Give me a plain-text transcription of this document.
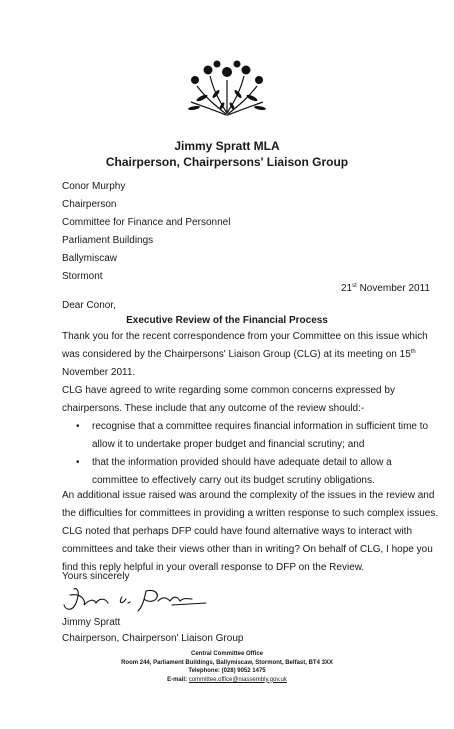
Jimmy Spratt MLA
Chairperson, Chairpersons' Liaison Group
Conor Murphy
Chairperson
Committee for Finance and Personnel
Parliament Buildings
Ballymiscaw
Stormont
21st November 2011
Dear Conor,
Executive Review of the Financial Process
Thank you for the recent correspondence from your Committee on this issue which was considered by the Chairpersons' Liaison Group (CLG) at its meeting on 15th November 2011.
CLG have agreed to write regarding some common concerns expressed by chairpersons. These include that any outcome of the review should:-
• recognise that a committee requires financial information in sufficient time to allow it to undertake proper budget and financial scrutiny; and
• that the information provided should have adequate detail to allow a committee to effectively carry out its budget scrutiny obligations.
An additional issue raised was around the complexity of the issues in the review and the difficulties for committees in providing a written response to such complex issues. CLG noted that perhaps DFP could have found alternative ways to interact with committees and take their views other than in writing? On behalf of CLG, I hope you find this reply helpful in your overall response to DFP on the Review.
Yours sincerely
Jimmy Spratt
Chairperson, Chairperson' Liaison Group
Central Committee Office
Room 244, Parliament Buildings, Ballymiscaw, Stormont, Belfast, BT4 3XX
Telephone: (028) 9052 1475
E-mail: committee.office@niassembly.gov.uk
